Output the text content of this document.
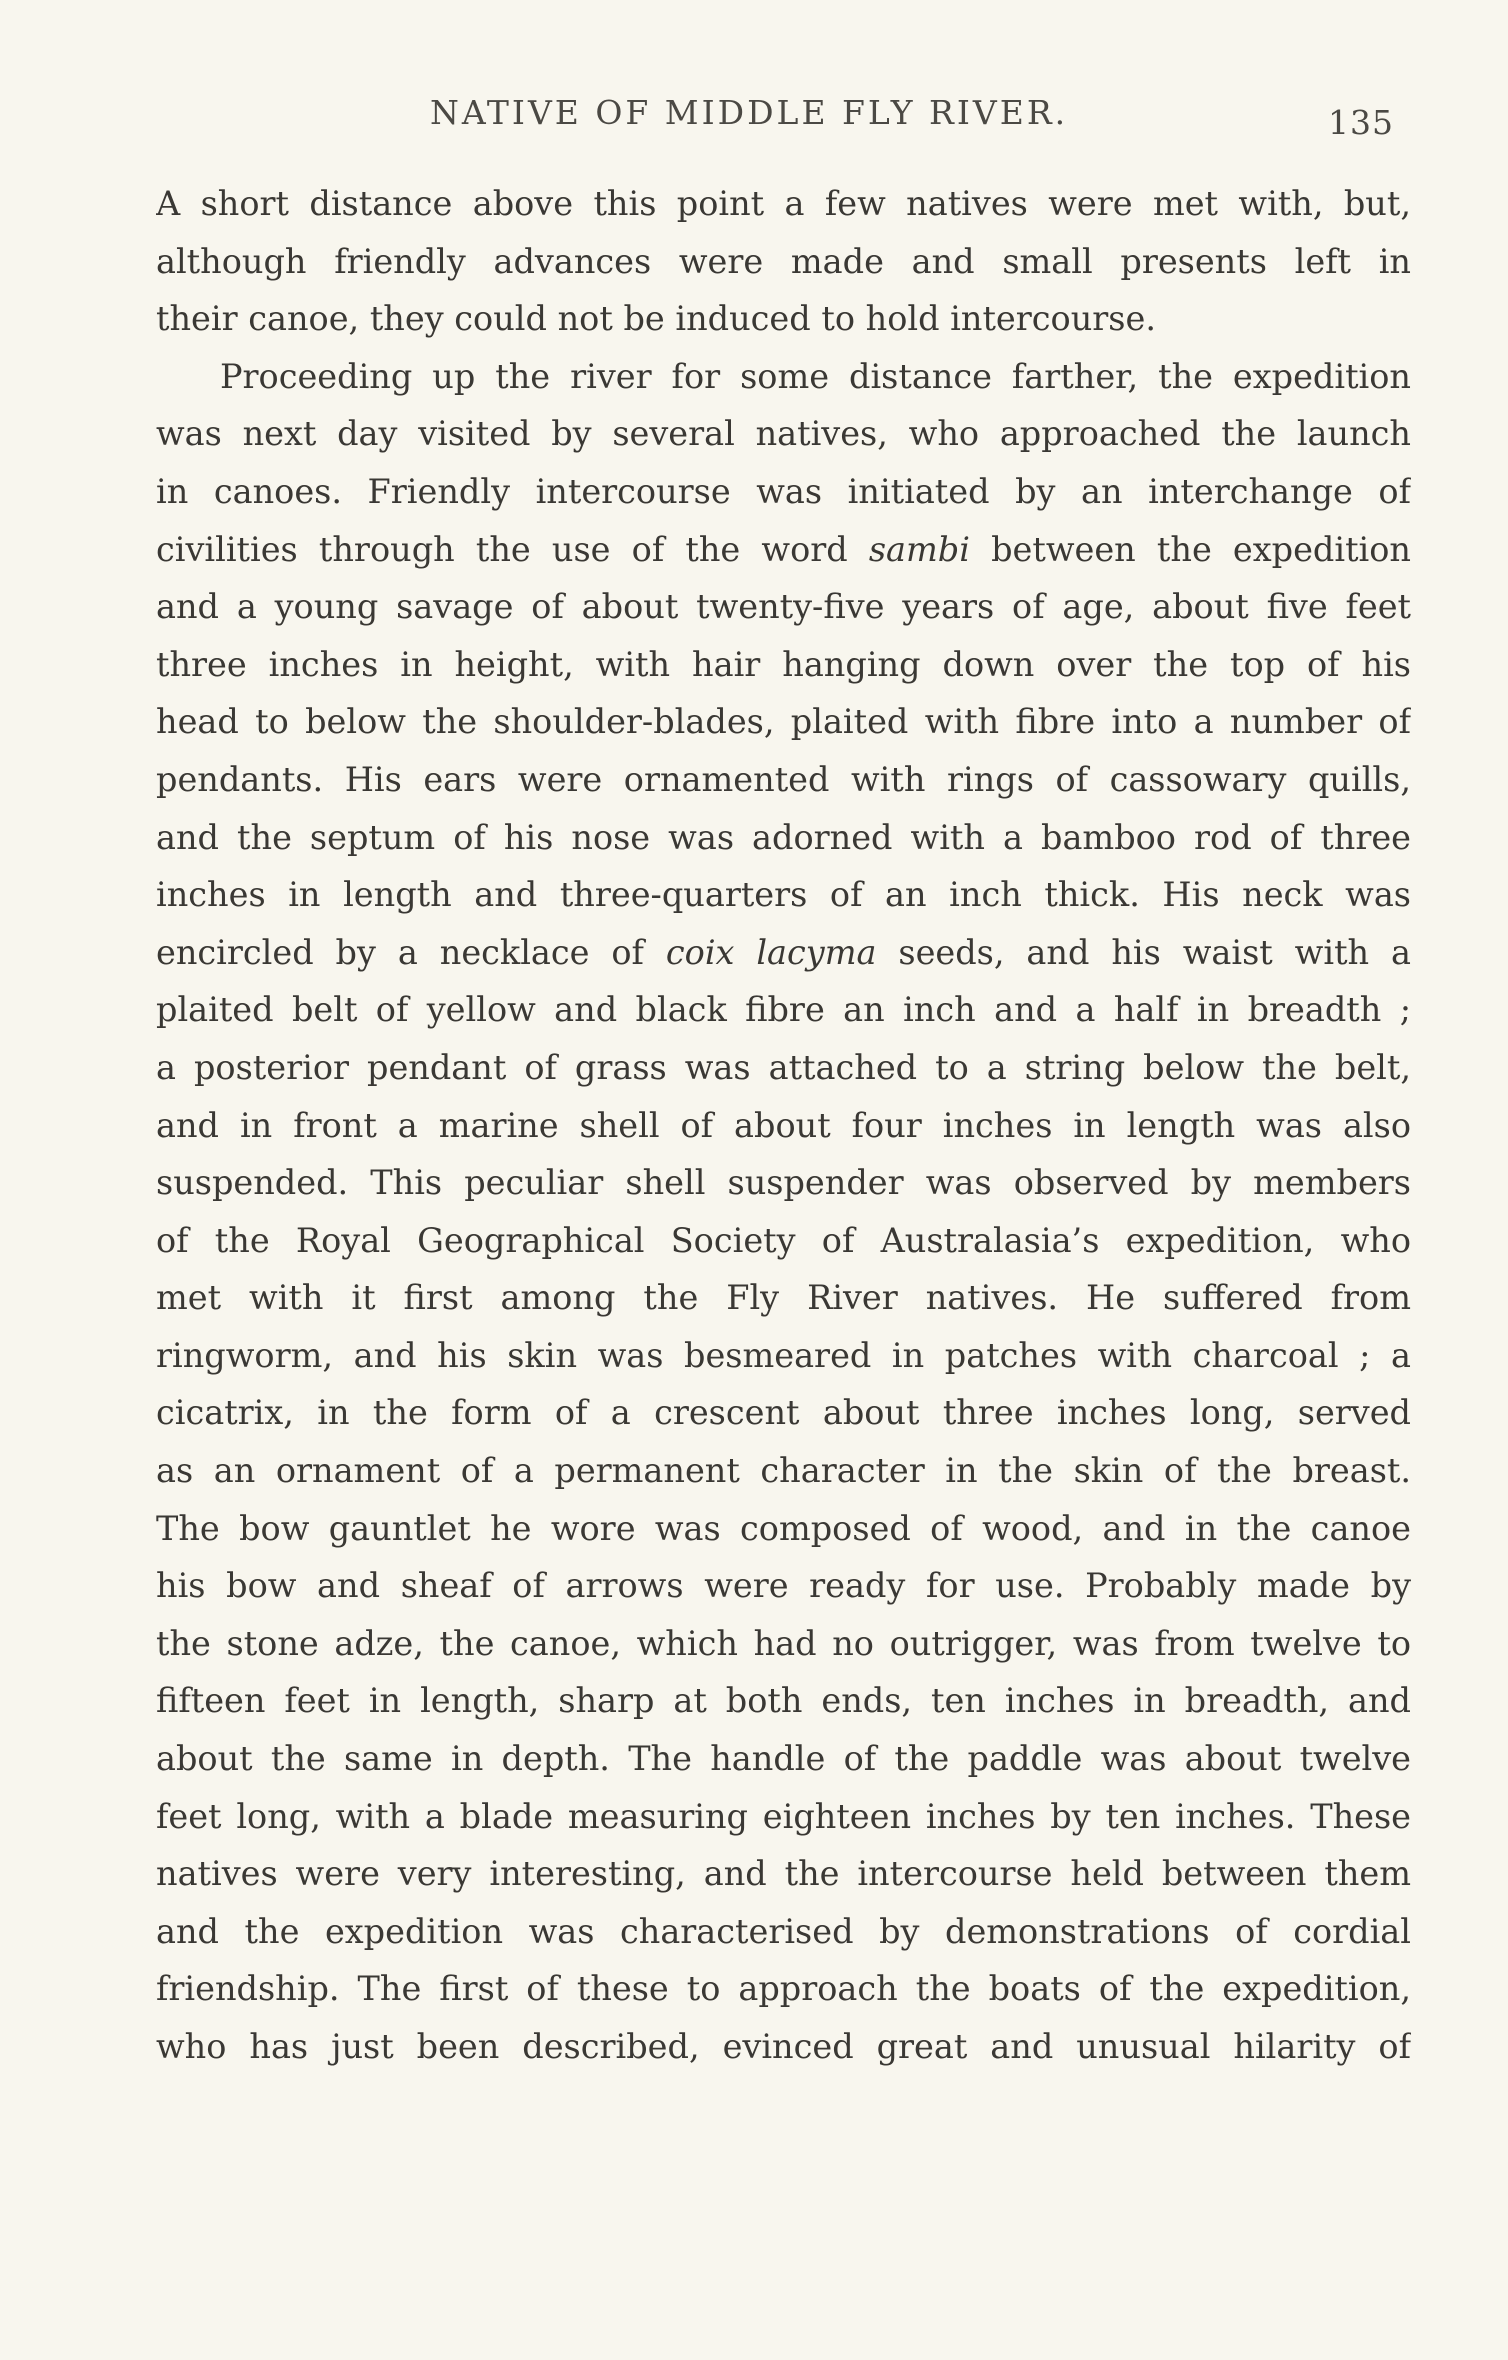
NATIVE OF MIDDLE FLY RIVER.	135
A short distance above this point a few natives were met with, but,
although friendly advances were made and small presents left in
their canoe, they could not be induced to hold intercourse.
Proceeding up the river for some distance farther, the expedition
was next day visited by several natives, who approached the launch
in canoes. Friendly intercourse was initiated by an interchange of
civilities through the use of the word sambi between the expedition
and a young savage of about twenty-five years of age, about five feet
three inches in height, with hair hanging down over the top of his
head to below the shoulder-blades, plaited with fibre into a number of
pendants. His ears were ornamented with rings of cassowary quills,
and the septum of his nose was adorned with a bamboo rod of three
inches in length and three-quarters of an inch thick. His neck was
encircled by a necklace of coix lacyma seeds, and his waist with a
plaited belt of yellow and black fibre an inch and a half in breadth ;
a posterior pendant of grass was attached to a string below the belt,
and in front a marine shell of about four inches in length was also
suspended. This peculiar shell suspender was observed by members
of the Royal Geographical Society of Australasia’s expedition, who
met with it first among the Fly River natives. He suffered from
ringworm, and his skin was besmeared in patches with charcoal ; a
cicatrix, in the form of a crescent about three inches long, served
as an ornament of a permanent character in the skin of the breast.
The bow gauntlet he wore was composed of wood, and in the canoe
his bow and sheaf of arrows were ready for use. Probably made by
the stone adze, the canoe, which had no outrigger, was from twelve to
fifteen feet in length, sharp at both ends, ten inches in breadth, and
about the same in depth. The handle of the paddle was about twelve
feet long, with a blade measuring eighteen inches by ten inches. These
natives were very interesting, and the intercourse held between them
and the expedition was characterised by demonstrations of cordial
friendship. The first of these to approach the boats of the expedition,
who has just been described, evinced great and unusual hilarity of
